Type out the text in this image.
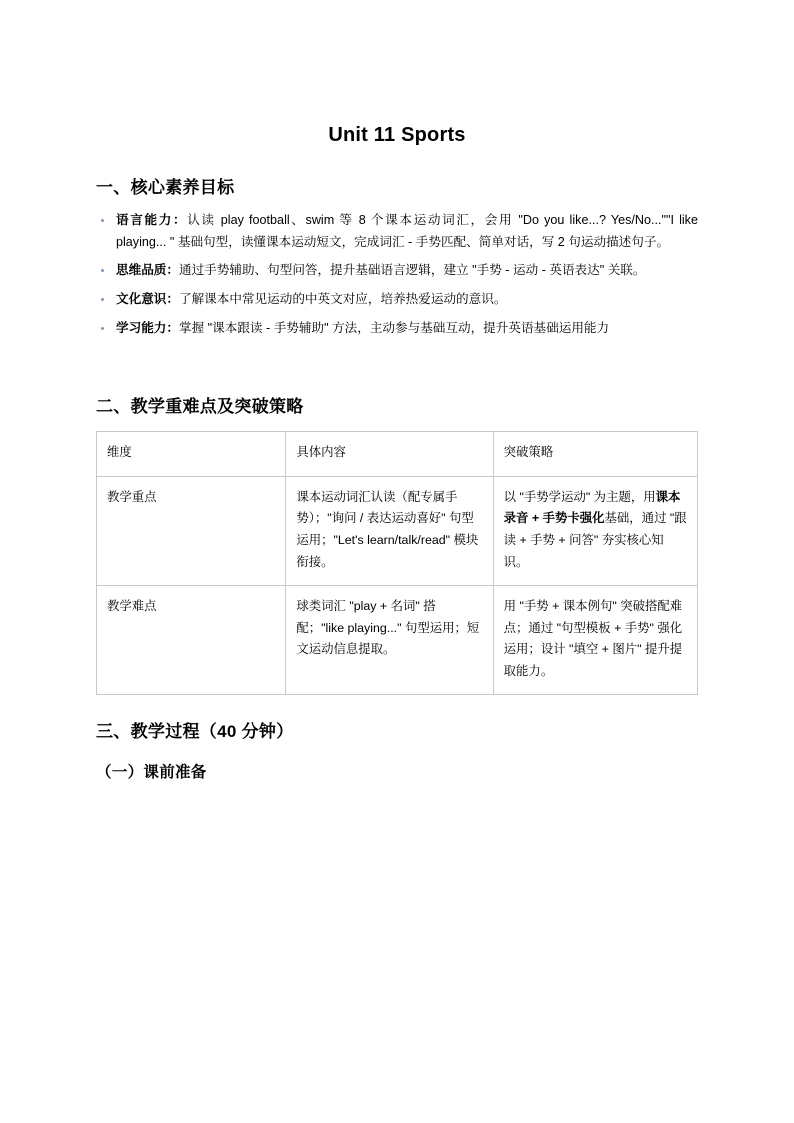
Unit 11 Sports
一、核心素养目标
语言能力：认读 play football、swim 等 8 个课本运动词汇，会用 "Do you like...? Yes/No...""I like playing... " 基础句型，读懂课本运动短文，完成词汇 - 手势匹配、简单对话，写 2 句运动描述句子。
思维品质：通过手势辅助、句型问答，提升基础语言逻辑，建立 "手势 - 运动 - 英语表达" 关联。
文化意识：了解课本中常见运动的中英文对应，培养热爱运动的意识。
学习能力：掌握 "课本跟读 - 手势辅助" 方法，主动参与基础互动，提升英语基础运用能力
二、教学重难点及突破策略
维度	具体内容	突破策略
教学重点	课本运动词汇认读（配专属手势）；"询问 / 表达运动喜好" 句型运用；"Let's learn/talk/read" 模块衔接。	以 "手势学运动" 为主题，用课本录音 + 手势卡强化基础，通过 "跟读 + 手势 + 问答" 夯实核心知识。
教学难点	球类词汇 "play + 名词" 搭配；"like playing..." 句型运用；短文运动信息提取。	用 "手势 + 课本例句" 突破搭配难点；通过 "句型模板 + 手势" 强化运用；设计 "填空 + 图片" 提升提取能力。
三、教学过程（40 分钟）
（一）课前准备
